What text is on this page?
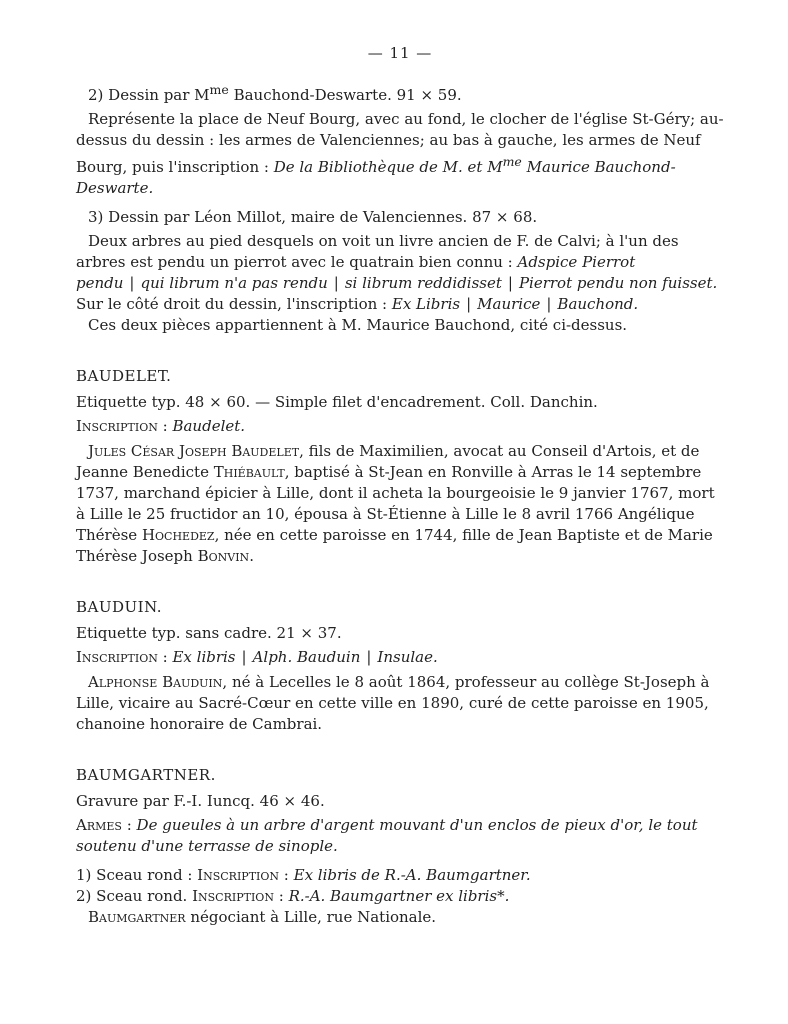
— 11 —

2) Dessin par $M^{me}$ Bauchond-Deswarte. 91 × 59.

Représente la place de Neuf Bourg, avec au fond, le clocher de l'église St-Géry; au-dessus du dessin : les armes de Valenciennes; au bas à gauche, les armes de Neuf Bourg, puis l'inscription : De la Bibliothèque de M. et $M^{me}$ Maurice Bauchond-Deswarte.

3) Dessin par Léon Millot, maire de Valenciennes. 87 × 68.

Deux arbres au pied desquels on voit un livre ancien de F. de Calvi; à l'un des arbres est pendu un pierrot avec le quatrain bien connu : Adspice Pierrot pendu | qui librum n'a pas rendu | si librum reddidisset | Pierrot pendu non fuisset. Sur le côté droit du dessin, l'inscription : Ex Libris | Maurice | Bauchond.

Ces deux pièces appartiennent à M. Maurice Bauchond, cité ci-dessus.

BAUDELET.

Etiquette typ. 48 × 60. — Simple filet d'encadrement. Coll. Danchin.

Inscription : Baudelet.

Jules César Joseph Baudelet, fils de Maximilien, avocat au Conseil d'Artois, et de Jeanne Benedicte Thiébault, baptisé à St-Jean en Ronville à Arras le 14 septembre 1737, marchand épicier à Lille, dont il acheta la bourgeoisie le 9 janvier 1767, mort à Lille le 25 fructidor an 10, épousa à St-Étienne à Lille le 8 avril 1766 Angélique Thérèse Hochedez, née en cette paroisse en 1744, fille de Jean Baptiste et de Marie Thérèse Joseph Bonvin.

BAUDUIN.

Etiquette typ. sans cadre. 21 × 37.

Inscription : Ex libris | Alph. Bauduin | Insulae.

Alphonse Bauduin, né à Lecelles le 8 août 1864, professeur au collège St-Joseph à Lille, vicaire au Sacré-Cœur en cette ville en 1890, curé de cette paroisse en 1905, chanoine honoraire de Cambrai.

BAUMGARTNER.

Gravure par F.-I. Iuncq. 46 × 46.

Armes : De gueules à un arbre d'argent mouvant d'un enclos de pieux d'or, le tout soutenu d'une terrasse de sinople.

1) Sceau rond : Inscription : Ex libris de R.-A. Baumgartner.

2) Sceau rond. Inscription : R.-A. Baumgartner ex libris*.

Baumgartner négociant à Lille, rue Nationale.
